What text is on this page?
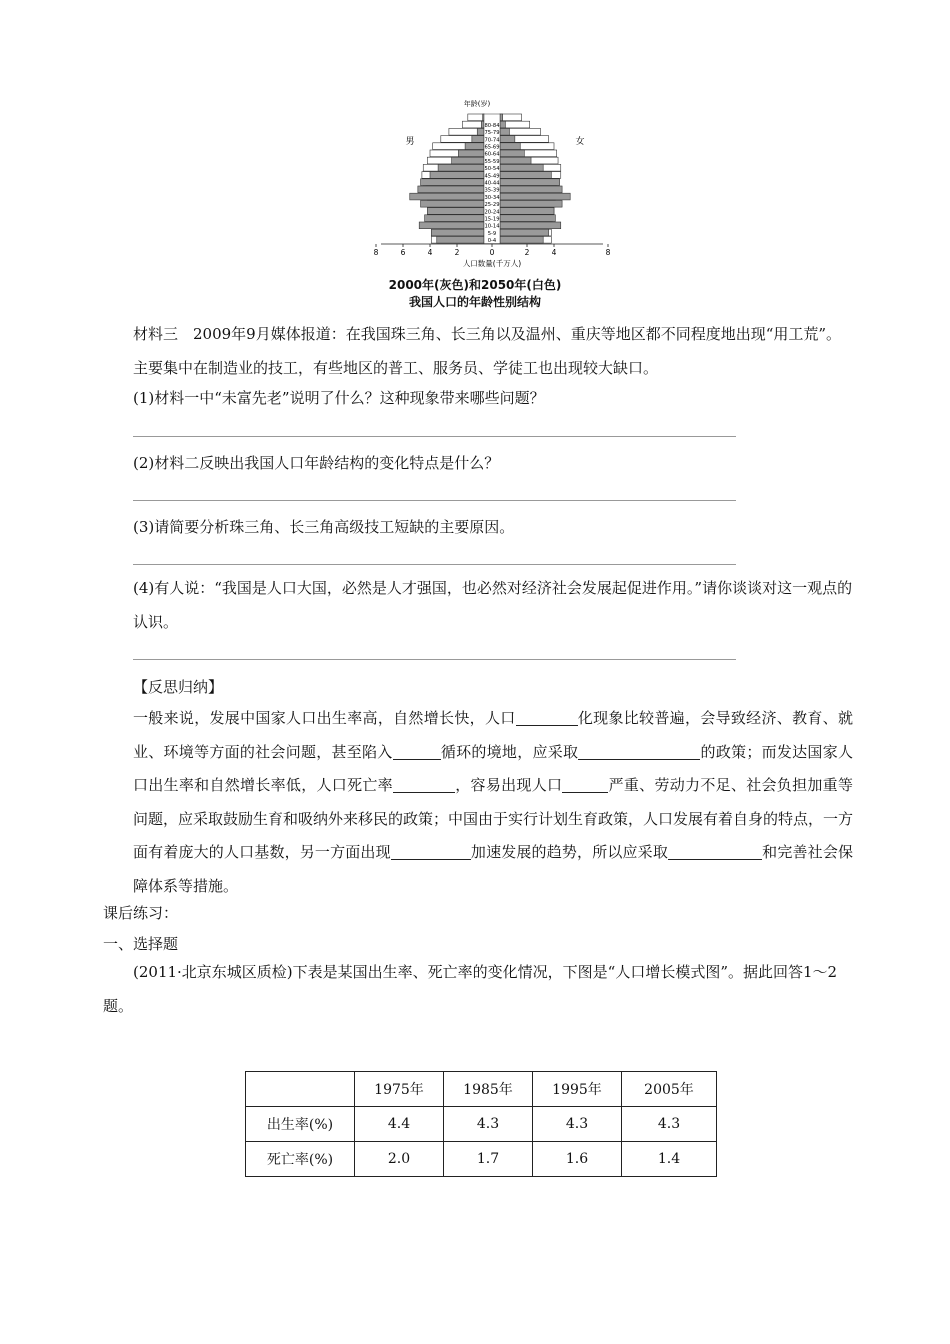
年龄(岁)
男	女
80-84
75-79
70-74
65-69
60-64
55-59
50-54
45-49
40-44
35-39
30-34
25-29
20-24
15-19
10-14
5-9
0-4
8	6	4	2	0	2	4	8
人口数量(千万人)
2000年(灰色)和2050年(白色)
我国人口的年龄性别结构
材料三　2009年9月媒体报道：在我国珠三角、长三角以及温州、重庆等地区都不同程度地出现“用工荒”。主要集中在制造业的技工，有些地区的普工、服务员、学徒工也出现较大缺口。
(1)材料一中“未富先老”说明了什么？这种现象带来哪些问题？
(2)材料二反映出我国人口年龄结构的变化特点是什么？
(3)请简要分析珠三角、长三角高级技工短缺的主要原因。
(4)有人说：“我国是人口大国，必然是人才强国，也必然对经济社会发展起促进作用。”请你谈谈对这一观点的认识。
【反思归纳】
一般来说，发展中国家人口出生率高，自然增长快，人口	化现象比较普遍，会导致经济、教育、就业、环境等方面的社会问题，甚至陷入	循环的境地，应采取	的政策；而发达国家人口出生率和自然增长率低，人口死亡率	，容易出现人口	严重、劳动力不足、社会负担加重等问题，应采取鼓励生育和吸纳外来移民的政策；中国由于实行计划生育政策，人口发展有着自身的特点，一方面有着庞大的人口基数，另一方面出现	加速发展的趋势，所以应采取	和完善社会保障体系等措施。
课后练习：
一、选择题
(2011·北京东城区质检)下表是某国出生率、死亡率的变化情况，下图是“人口增长模式图”。据此回答1～2题。
	1975年	1985年	1995年	2005年
出生率(%)	4.4	4.3	4.3	4.3
死亡率(%)	2.0	1.7	1.6	1.4
